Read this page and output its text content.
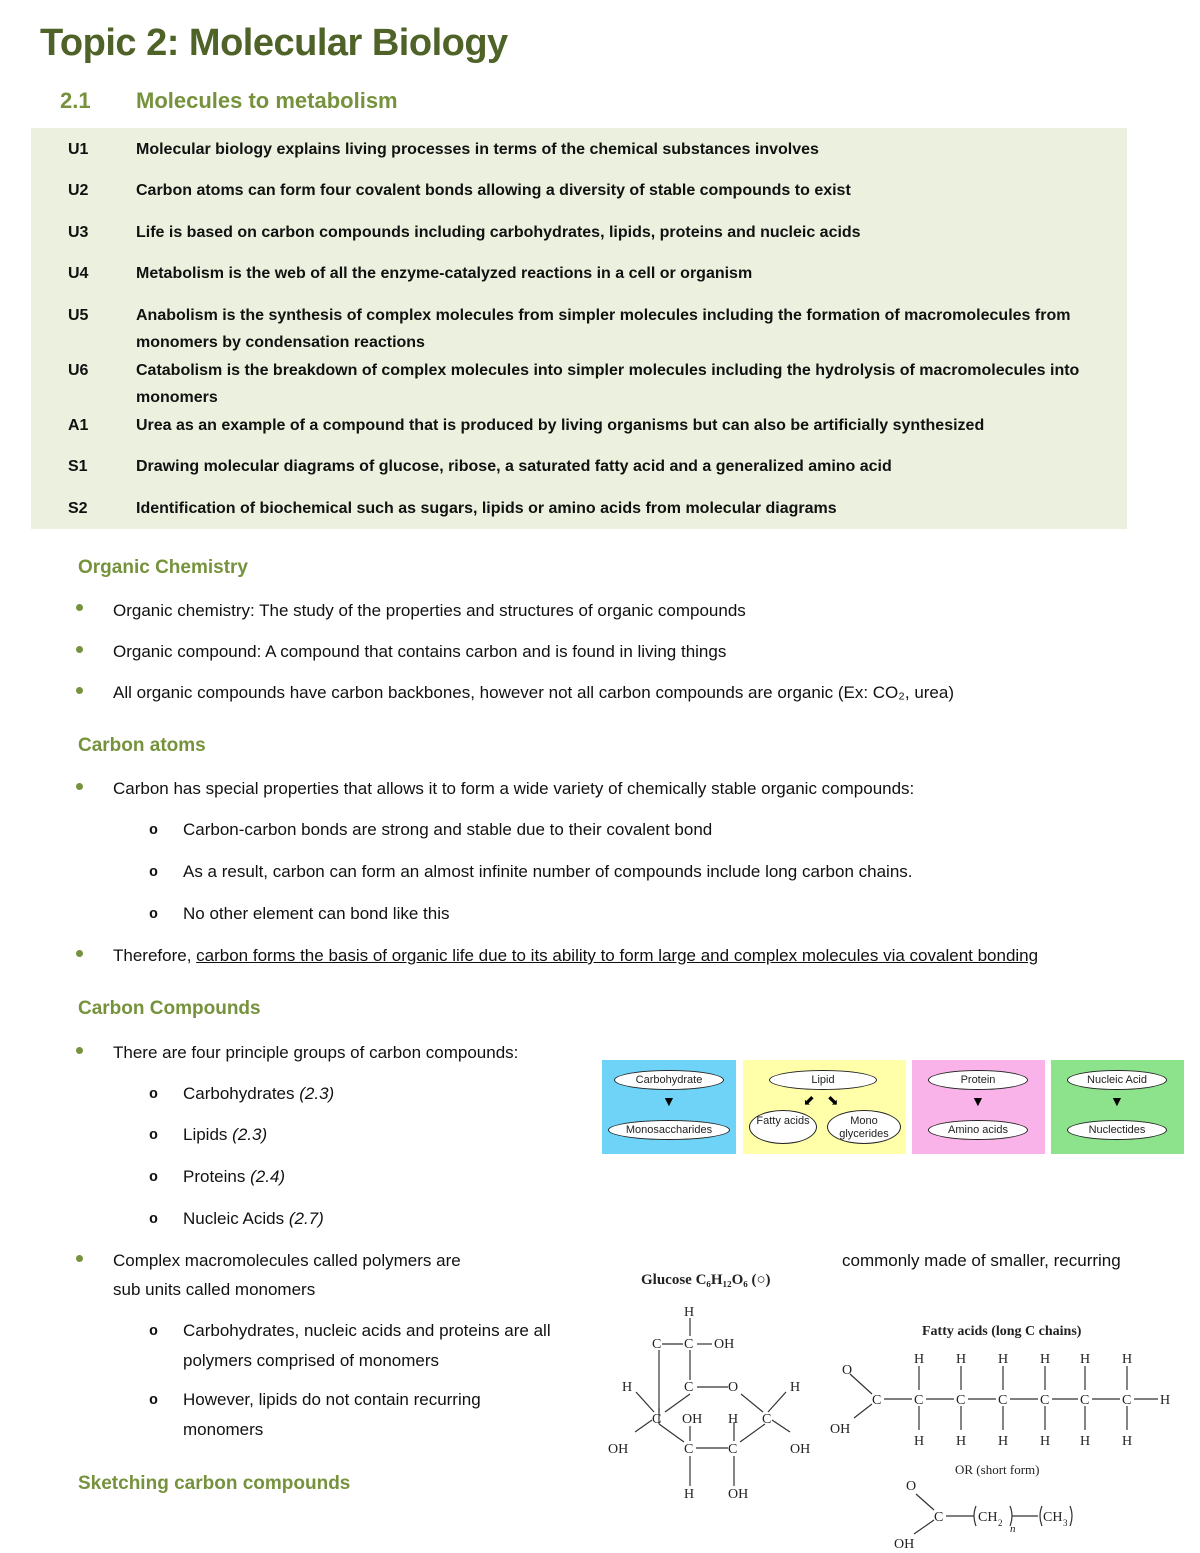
Topic 2: Molecular Biology
2.1 Molecules to metabolism
U1	Molecular biology explains living processes in terms of the chemical substances involves
U2	Carbon atoms can form four covalent bonds allowing a diversity of stable compounds to exist
U3	Life is based on carbon compounds including carbohydrates, lipids, proteins and nucleic acids
U4	Metabolism is the web of all the enzyme-catalyzed reactions in a cell or organism
U5	Anabolism is the synthesis of complex molecules from simpler molecules including the formation of macromolecules from monomers by condensation reactions
U6	Catabolism is the breakdown of complex molecules into simpler molecules including the hydrolysis of macromolecules into monomers
A1	Urea as an example of a compound that is produced by living organisms but can also be artificially synthesized
S1	Drawing molecular diagrams of glucose, ribose, a saturated fatty acid and a generalized amino acid
S2	Identification of biochemical such as sugars, lipids or amino acids from molecular diagrams
Organic Chemistry
Organic chemistry: The study of the properties and structures of organic compounds
Organic compound: A compound that contains carbon and is found in living things
All organic compounds have carbon backbones, however not all carbon compounds are organic (Ex: CO₂, urea)
Carbon atoms
Carbon has special properties that allows it to form a wide variety of chemically stable organic compounds:
o Carbon-carbon bonds are strong and stable due to their covalent bond
o As a result, carbon can form an almost infinite number of compounds include long carbon chains.
o No other element can bond like this
Therefore, carbon forms the basis of organic life due to its ability to form large and complex molecules via covalent bonding
Carbon Compounds
There are four principle groups of carbon compounds:
o Carbohydrates (2.3)
o Lipids (2.3)
o Proteins (2.4)
o Nucleic Acids (2.7)
Complex macromolecules called polymers are	commonly made of smaller, recurring
sub units called monomers
o Carbohydrates, nucleic acids and proteins are all polymers comprised of monomers
o However, lipids do not contain recurring monomers
Sketching carbon compounds
Carbohydrate
▼
Monosaccharides
Lipid
⬋ ⬊
Fatty acids	Mono glycerides
Protein
▼
Amino acids
Nucleic Acid
▼
Nuclectides
Glucose C₆H₁₂O₆ (○)
H
C C OH
H	C O	H
C OH H C
OH	C C	OH
H OH
Fatty acids (long C chains)
O
OH
C
H H H H H H
C C C C C C H
H H H H H H
OR (short form)
O
OH
C CH 2 n
CH 3
